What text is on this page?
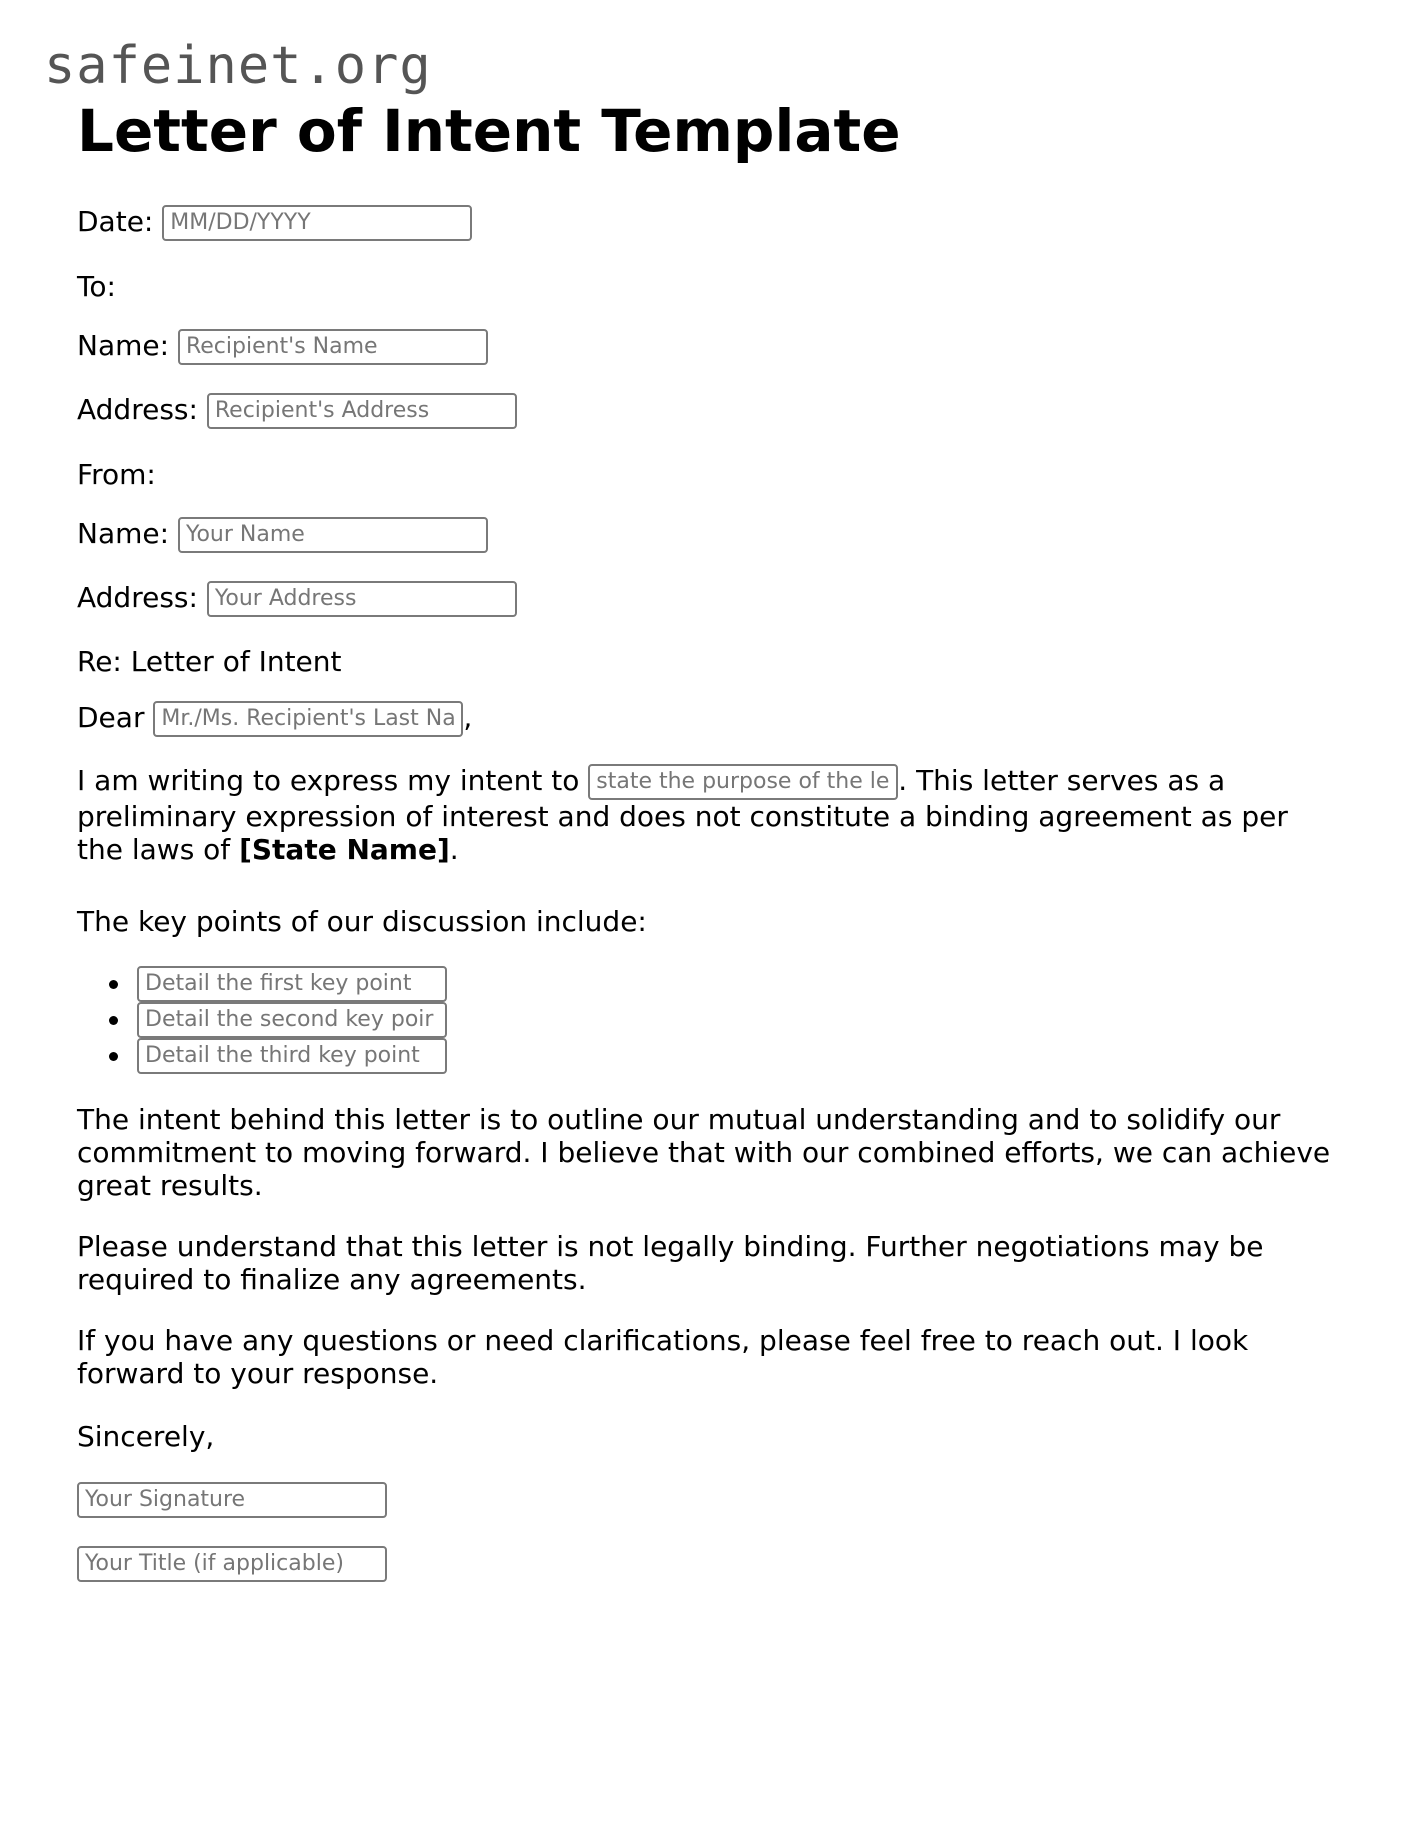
safeinet.org
Letter of Intent Template
Date: MM/DD/YYYY
To:
Name: Recipient's Name
Address: Recipient's Address
From:
Name: Your Name
Address: Your Address
Re: Letter of Intent
Dear Mr./Ms. Recipient's Last Na ,
I am writing to express my intent to state the purpose of the le . This letter serves as a preliminary expression of interest and does not constitute a binding agreement as per the laws of [State Name].
The key points of our discussion include:
Detail the first key point
Detail the second key poir
Detail the third key point
The intent behind this letter is to outline our mutual understanding and to solidify our commitment to moving forward. I believe that with our combined efforts, we can achieve great results.
Please understand that this letter is not legally binding. Further negotiations may be required to finalize any agreements.
If you have any questions or need clarifications, please feel free to reach out. I look forward to your response.
Sincerely,
Your Signature
Your Title (if applicable)
